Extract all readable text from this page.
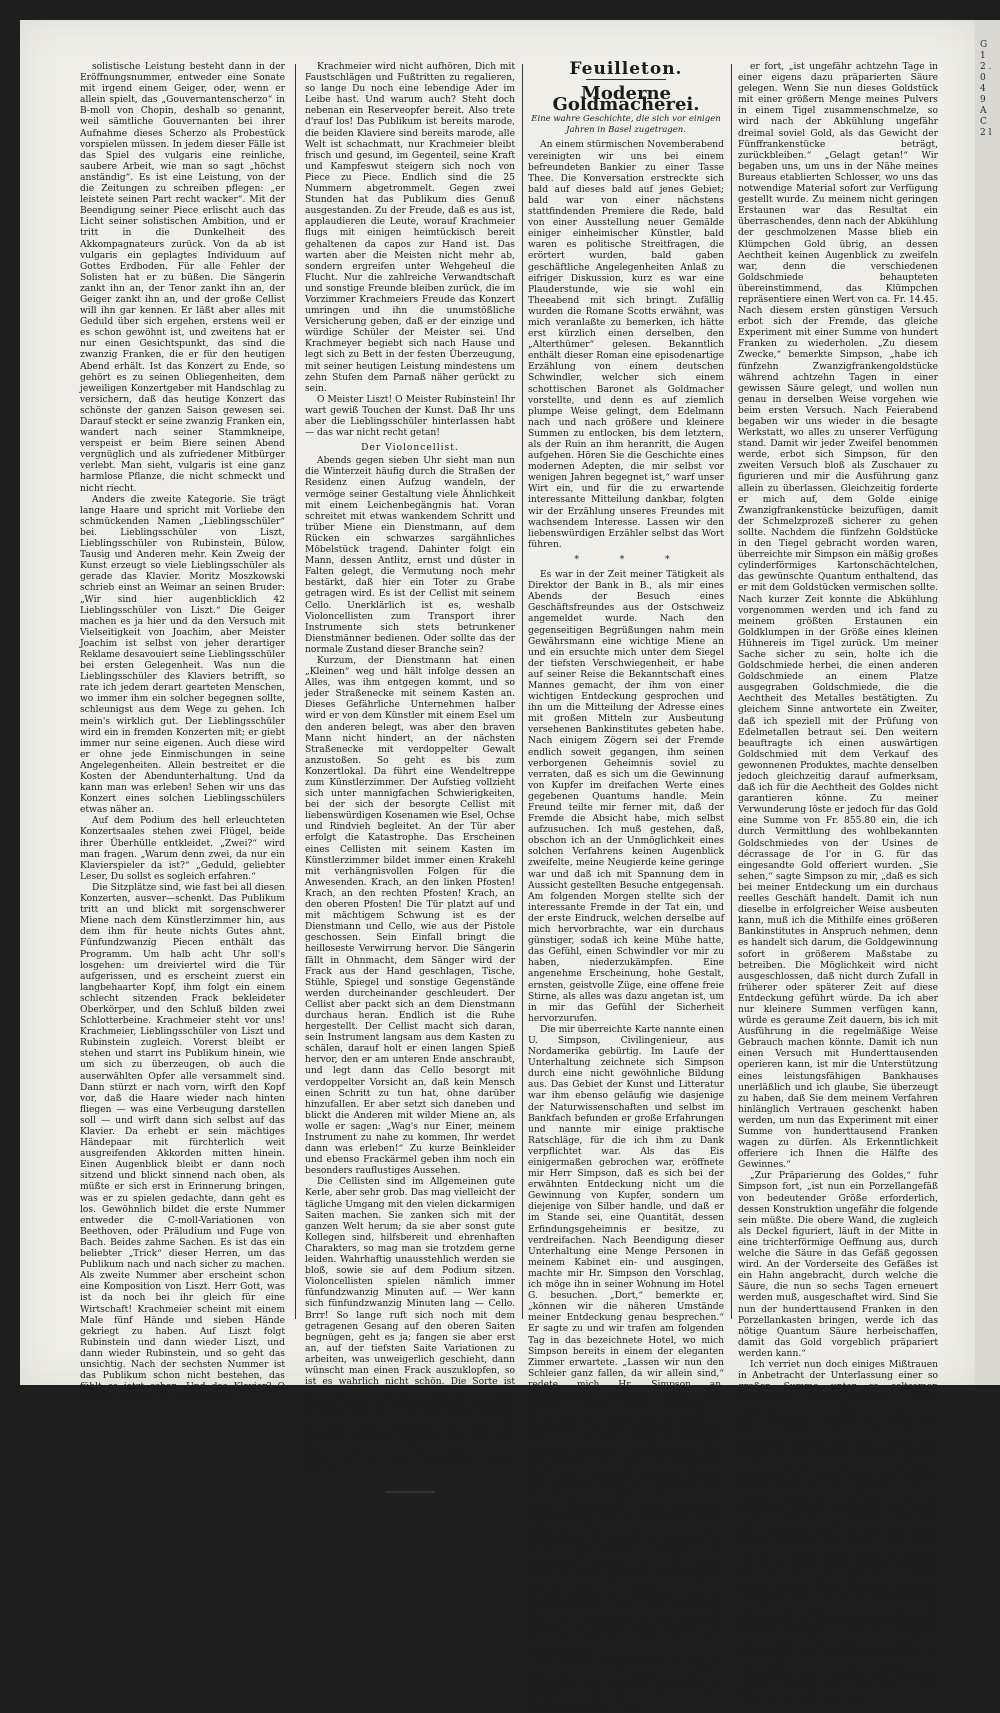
G 1 2 . 0 4 9 A C 2 l

solistische Leistung besteht dann in der Eröffnungsnummer, entweder eine Sonate mit irgend einem Geiger, oder, wenn er allein spielt, das „Gouvernantenscherzo“ in B-moll von Chopin, deshalb so genannt, weil sämtliche Gouvernanten bei ihrer Aufnahme dieses Scherzo als Probestück vorspielen müssen. In jedem dieser Fälle ist das Spiel des vulgaris eine reinliche, saubere Arbeit, wie man so sagt „höchst anständig“. Es ist eine Leistung, von der die Zeitungen zu schreiben pflegen: „er leistete seinen Part recht wacker“. Mit der Beendigung seiner Piece erlischt auch das Licht seiner solistischen Ambition, und er tritt in die Dunkelheit des Akkompagnateurs zurück. Von da ab ist vulgaris ein geplagtes Individuum auf Gottes Erdboden. Für alle Fehler der Solisten hat er zu büßen. Die Sängerin zankt ihn an, der Tenor zankt ihn an, der Geiger zankt ihn an, und der große Cellist will ihn gar kennen. Er läßt aber alles mit Geduld über sich ergehen, erstens weil er es schon gewöhnt ist, und zweitens hat er nur einen Gesichtspunkt, das sind die zwanzig Franken, die er für den heutigen Abend erhält. Ist das Konzert zu Ende, so gehört es zu seinen Obliegenheiten, dem jeweiligen Konzertgeber mit Handschlag zu versichern, daß das heutige Konzert das schönste der ganzen Saison gewesen sei. Darauf steckt er seine zwanzig Franken ein, wandert nach seiner Stammkneipe, verspeist er beim Biere seinen Abend vergnüglich und als zufriedener Mitbürger verlebt. Man sieht, vulgaris ist eine ganz harmlose Pflanze, die nicht schmeckt und nicht riecht.

Anders die zweite Kategorie. Sie trägt lange Haare und spricht mit Vorliebe den schmückenden Namen „Lieblingsschüler“ bei. Lieblingsschüler von Liszt, Lieblingsschüler von Rubinstein, Bülow, Tausig und Anderen mehr. Kein Zweig der Kunst erzeugt so viele Lieblingsschüler als gerade das Klavier. Moritz Moszkowski schrieb einst an Weimar an seinen Bruder: „Wir sind hier augenblicklich 42 Lieblingsschüler von Liszt.“ Die Geiger machen es ja hier und da den Versuch mit Vielseitigkeit von Joachim, aber Meister Joachim ist selbst von jeher derartiger Reklame desavouiert seine Lieblingsschüler bei ersten Gelegenheit. Was nun die Lieblingsschüler des Klaviers betrifft, so rate ich jedem derart gearteten Menschen, wo immer ihm ein solcher begegnen sollte, schleunigst aus dem Wege zu gehen. Ich mein's wirklich gut. Der Lieblingsschüler wird ein in fremden Konzerten mit; er giebt immer nur seine eigenen. Auch diese wird er ohne jede Einmischungen in seine Angelegenheiten. Allein bestreitet er die Kosten der Abendunterhaltung. Und da kann man was erleben! Sehen wir uns das Konzert eines solchen Lieblingsschülers etwas näher an.

Auf dem Podium des hell erleuchteten Konzertsaales stehen zwei Flügel, beide ihrer Überhülle entkleidet. „Zwei?“ wird man fragen. „Warum denn zwei, da nur ein Klavierspieler da ist?“ „Geduld, geliebter Leser, Du sollst es sogleich erfahren.“

Die Sitzplätze sind, wie fast bei all diesen Konzerten, ausver—schenkt. Das Publikum tritt an und blickt mit sorgenschwerer Miene nach dem Künstlerzimmer hin, aus dem ihm für heute nichts Gutes ahnt. Fünfundzwanzig Piecen enthält das Programm. Um halb acht Uhr soll's losgehen: um dreiviertel wird die Tür aufgerissen, und es erscheint zuerst ein langbehaarter Kopf, ihm folgt ein einem schlecht sitzenden Frack bekleideter Oberkörper, und den Schluß bilden zwei Schlotterbeine. Krachmeier steht vor uns! Krachmeier, Lieblingsschüler von Liszt und Rubinstein zugleich. Vorerst bleibt er stehen und starrt ins Publikum hinein, wie um sich zu überzeugen, ob auch die auserwählten Opfer alle versammelt sind. Dann stürzt er nach vorn, wirft den Kopf vor, daß die Haare wieder nach hinten fliegen — was eine Verbeugung darstellen soll — und wirft dann sich selbst auf das Klavier. Da erhebt er sein mächtiges Händepaar mit fürchterlich weit ausgreifenden Akkorden mitten hinein. Einen Augenblick bleibt er dann noch sitzend und blickt sinnend nach oben, als müßte er sich erst in Erinnerung bringen, was er zu spielen gedachte, dann geht es los. Gewöhnlich bildet die erste Nummer entweder die C-moll-Variationen von Beethoven, oder Präludium und Fuge von Bach. Beides zahme Sachen. Es ist das ein beliebter „Trick“ dieser Herren, um das Publikum nach und nach sicher zu machen. Als zweite Nummer aber erscheint schon eine Komposition von Liszt. Herr Gott, was ist da noch bei ihr gleich für eine Wirtschaft! Krachmeier scheint mit einem Male fünf Hände und sieben Hände gekriegt zu haben. Auf Liszt folgt Rubinstein und dann wieder Liszt, und dann wieder Rubinstein, und so geht das unsichtig. Nach der sechsten Nummer ist das Publikum schon nicht bestehen, das fühlt es jetzt schon. Und das Klavier? O Klavier, Klavier, Du mußt sterben!

Krachmeier wird nicht aufhören, Dich mit Faustschlägen und Fußtritten zu regalieren, so lange Du noch eine lebendige Ader im Leibe hast. Und warum auch? Steht doch nebenan ein Reserveopfer bereit. Also trete d'rauf los! Das Publikum ist bereits marode, die beiden Klaviere sind bereits marode, alle Welt ist schachmatt, nur Krachmeier bleibt frisch und gesund, im Gegenteil, seine Kraft und Kampfeswut steigern sich noch von Piece zu Piece. Endlich sind die 25 Nummern abgetrommelt. Gegen zwei Stunden hat das Publikum dies Genuß ausgestanden. Zu der Freude, daß es aus ist, applaudieren die Leute, worauf Krachmeier flugs mit einigen heimtückisch bereit gehaltenen da capos zur Hand ist. Das warten aber die Meisten nicht mehr ab, sondern ergreifen unter Wehgeheul die Flucht. Nur die zahlreiche Verwandtschaft und sonstige Freunde bleiben zurück, die im Vorzimmer Krachmeiers Freude das Konzert umringen und ihn die unumstößliche Versicherung geben, daß er der einzige und würdige Schüler der Meister sei. Und Krachmeyer begiebt sich nach Hause und legt sich zu Bett in der festen Überzeugung, mit seiner heutigen Leistung mindestens um zehn Stufen dem Parnaß näher gerückt zu sein.

O Meister Liszt! O Meister Rubinstein! Ihr wart gewiß Touchen der Kunst. Daß Ihr uns aber die Lieblingsschüler hinterlassen habt — das war nicht recht getan!

Der Violoncellist.

Abends gegen sieben Uhr sieht man nun die Winterzeit häufig durch die Straßen der Residenz einen Aufzug wandeln, der vermöge seiner Gestaltung viele Ähnlichkeit mit einem Leichenbegängnis hat. Voran schreitet mit etwas wankendem Schritt und trüber Miene ein Dienstmann, auf dem Rücken ein schwarzes sargähnliches Möbelstück tragend. Dahinter folgt ein Mann, dessen Antlitz, ernst und düster in Falten gelegt, die Vermutung noch mehr bestärkt, daß hier ein Toter zu Grabe getragen wird. Es ist der Cellist mit seinem Cello. Unerklärlich ist es, weshalb Violoncellisten zum Transport ihrer Instrumente sich stets betrunkener Dienstmänner bedienen. Oder sollte das der normale Zustand dieser Branche sein?

Kurzum, der Dienstmann hat einen „Kleinen“ weg und hält infolge dessen an Alles, was ihm entgegen kommt, und so jeder Straßenecke mit seinem Kasten an. Dieses Gefährliche Unternehmen halber wird er von dem Künstler mit einem Esel um den anderen belegt, was aber den braven Mann nicht hindert, an der nächsten Straßenecke mit verdoppelter Gewalt anzustoßen. So geht es bis zum Konzertlokal. Da führt eine Wendeltreppe zum Künstlerzimmer. Der Aufstieg vollzieht sich unter mannigfachen Schwierigkeiten, bei der sich der besorgte Cellist mit liebenswürdigen Kosenamen wie Esel, Ochse und Rindvieh begleitet. An der Tür aber erfolgt die Katastrophe. Das Erscheinen eines Cellisten mit seinem Kasten im Künstlerzimmer bildet immer einen Krakehl mit verhängnisvollen Folgen für die Anwesenden. Krach, an den linken Pfosten! Krach, an den rechten Pfosten! Krach, an den oberen Pfosten! Die Tür platzt auf und mit mächtigem Schwung ist es der Dienstmann und Cello, wie aus der Pistole geschossen. Sein Einfall bringt die heilloseste Verwirrung hervor. Die Sängerin fällt in Ohnmacht, dem Sänger wird der Frack aus der Hand geschlagen, Tische, Stühle, Spiegel und sonstige Gegenstände werden durcheinander geschleudert. Der Cellist aber packt sich an dem Dienstmann durchaus heran. Endlich ist die Ruhe hergestellt. Der Cellist macht sich daran, sein Instrument langsam aus dem Kasten zu schälen, darauf holt er einen langen Spieß hervor, den er am unteren Ende anschraubt, und legt dann das Cello besorgt mit verdoppelter Vorsicht an, daß kein Mensch einen Schritt zu tun hat, ohne darüber hinzufallen. Er aber setzt sich daneben und blickt die Anderen mit wilder Miene an, als wolle er sagen: „Wag's nur Einer, meinem Instrument zu nahe zu kommen, Ihr werdet dann was erleben!“ Zu kurze Beinkleider und ebenso Frackärmel geben ihm noch ein besonders rauflustiges Aussehen.

Die Cellisten sind im Allgemeinen gute Kerle, aber sehr grob. Das mag vielleicht der tägliche Umgang mit den vielen dickarmigen Saiten machen. Sie zanken sich mit der ganzen Welt herum; da sie aber sonst gute Kollegen sind, hilfsbereit und ehrenhaften Charakters, so mag man sie trotzdem gerne leiden. Wahrhaftig unausstehlich werden sie bloß, sowie sie auf dem Podium sitzen. Violoncellisten spielen nämlich immer fünfundzwanzig Minuten auf. — Wer kann sich fünfundzwanzig Minuten lang — Cello. Brrr! So lange ruft sich noch mit dem getragenen Gesang auf den oberen Saiten begnügen, geht es ja; fangen sie aber erst an, auf der tiefsten Saite Variationen zu arbeiten, was unweigerlich geschieht, dann wünscht man einen Frack auszuklopfen, so ist es wahrlich nicht schön. Die Sorte ist auch recht kurzsichtig. Zu jedem Ende jede Zugabe, aber es ist sich wird mit Trampeln zu Ende, und hat er erst mit seinem Vortrag zu Ende, dann bemerken die Leute mit plötzlich Kumpan, arbeiten sich aus dem Kasten. Das sind wirklich nette Kerle. — Wenn sie nur das Cellospielen lassen wollten!

Feuilleton.
Moderne Goldmacherei.
Eine wahre Geschichte, die sich vor einigen Jahren in Basel zugetragen.

An einem stürmischen Novemberabend vereinigten wir uns bei einem befreundeten Bankier zu einer Tasse Thee. Die Konversation erstreckte sich bald auf dieses bald auf jenes Gebiet; bald war von einer nächstens stattfindenden Premiere die Rede, bald von einer Ausstellung neuer Gemälde einiger einheimischer Künstler, bald waren es politische Streitfragen, die erörtert wurden, bald gaben geschäftliche Angelegenheiten Anlaß zu eifriger Diskussion, kurz es war eine Plauderstunde, wie sie wohl ein Theeabend mit sich bringt. Zufällig wurden die Romane Scotts erwähnt, was mich veranlaßte zu bemerken, ich hätte erst kürzlich einen derselben, den „Alterthümer“ gelesen. Bekanntlich enthält dieser Roman eine episodenartige Erzählung von einem deutschen Schwindler, welcher sich einem schottischen Baronet als Goldmacher vorstellte, und denn es auf ziemlich plumpe Weise gelingt, dem Edelmann nach und nach größere und kleinere Summen zu entlocken, bis dem letztern, als der Ruin an ihm heranritt, die Augen aufgehen. Hören Sie die Geschichte eines modernen Adepten, die mir selbst vor wenigen Jahren begegnet ist,“ warf unser Wirt ein, und für die zu erwartende interessante Mitteilung dankbar, folgten wir der Erzählung unseres Freundes mit wachsendem Interesse. Lassen wir den liebenswürdigen Erzähler selbst das Wort führen.

*   *   *

Es war in der Zeit meiner Tätigkeit als Direktor der Bank in B., als mir eines Abends der Besuch eines Geschäftsfreundes aus der Ostschweiz angemeldet wurde. Nach den gegenseitigen Begrüßungen nahm mein Gewährsmann eine wichtige Miene an und ein ersuchte mich unter dem Siegel der tiefsten Verschwiegenheit, er habe auf seiner Reise die Bekanntschaft eines Mannes gemacht, der ihm von einer wichtigen Entdeckung gesprochen und ihn um die Mitteilung der Adresse eines mit großen Mitteln zur Ausbeutung versehenen Bankinstitutes gebeten habe. Nach einigem Zögern sei der Fremde endlich soweit gegangen, ihm seinen verborgenen Geheimnis soviel zu verraten, daß es sich um die Gewinnung von Kupfer im dreifachen Werte eines gegebenen Quantums handle. Mein Freund teilte mir ferner mit, daß der Fremde die Absicht habe, mich selbst aufzusuchen. Ich muß gestehen, daß, obschon ich an der Unmöglichkeit eines solchen Verfahrens keinen Augenblick zweifelte, meine Neugierde keine geringe war und daß ich mit Spannung dem in Aussicht gestellten Besuche entgegensah. Am folgenden Morgen stellte sich der interessante Fremde in der Tat ein, und der erste Eindruck, welchen derselbe auf mich hervorbrachte, war ein durchaus günstiger, sodaß ich keine Mühe hatte, das Gefühl, einen Schwindler vor mir zu haben, niederzukämpfen. Eine angenehme Erscheinung, hohe Gestalt, ernsten, geistvolle Züge, eine offene freie Stirne, als alles was dazu angetan ist, um in mir das Gefühl der Sicherheit hervorzurufen.

Die mir überreichte Karte nannte einen U. Simpson, Civilingenieur, aus Nordamerika gebürtig. Im Laufe der Unterhaltung zeichnete sich Simpson durch eine nicht gewöhnliche Bildung aus. Das Gebiet der Kunst und Litteratur war ihm ebenso geläufig wie dasjenige der Naturwissenschaften und selbst im Bankfach befunden er große Erfahrungen und nannte mir einige praktische Ratschläge, für die ich ihm zu Dank verpflichtet war. Als das Eis einigermaßen gebrochen war, eröffnete mir Herr Simpson, daß es sich bei der erwähnten Entdeckung nicht um die Gewinnung von Kupfer, sondern um diejenige von Silber handle, und daß er im Stande sei, eine Quantität, dessen Erfindungsgeheimnis er besitze, zu verdreifachen. Nach Beendigung dieser Unterhaltung eine Menge Personen in meinem Kabinet ein- und ausgingen, machte mir Hr. Simpson den Vorschlag, ich möge ihn in seiner Wohnung im Hotel G. besuchen. „Dort,“ bemerkte er, „können wir die näheren Umstände meiner Entdeckung genau besprechen.“ Er sagte zu und wir trafen am folgenden Tag in das bezeichnete Hotel, wo mich Simpson bereits in einem der eleganten Zimmer erwartete. „Lassen wir nun den Schleier ganz fallen, da wir allein sind,“ redete mich Hr. Simpson an. „Verschiedene Bedenken haben mich bewogen, Ihnen meine Erfindung in ihrem ganzen Umfang erst an einem Ort mitzuteilen, wo wir durchaus ungestört sind. Ich habe durch Zufall ein Verfahren entdeckt, das mich in die Lage setzt, Gold herzustellen und zwar im dreifachen Werte einer Quantität desselben Metalls. Von meinem Vater, der Chemiker war, erwarb ich mannigfache Kenntnisse in dieser Wissenschaft, unter zahlreichen Experimenten, die ich ausführte, führte eines derselben zu einer merkwürdigen Entdeckung. Es gelang mir nämlich, ein Pulver darzustellen, welches die Eigenschaft besitzt, sich mit echtem Golde in einem Quantum reinen Goldes, das man dem vorher präparierten Pulver in der Weise zu vereinigen, daß es zurückbleibende Gold den dreifachen Wert des beigefügten Goldes ausmacht. Machen wir selbst einen Versuch, der Ihnen die Wahrheit meiner Behauptung beweisen soll.“

Mit diesen Worten öffnete er ein mit gelblichgrüner Flüssigkeit gefülltes Fläschchen und entnahm demselben ein Goldstück von fünf Franken. „Dieses Fünffrankenstück,“ fuhr

er fort, „ist ungefähr achtzehn Tage in einer eigens dazu präparierten Säure gelegen. Wenn Sie nun dieses Goldstück mit einer größern Menge meines Pulvers in einem Tigel zusammenschmelze, so wird nach der Abkühlung ungefähr dreimal soviel Gold, als das Gewicht der Fünffrankenstücke beträgt, zurückbleiben.“ „Gelagt getan!“ Wir begaben uns, um uns in der Nähe meines Bureaus etablierten Schlosser, wo uns das notwendige Material sofort zur Verfügung gestellt wurde. Zu meinem nicht geringen Erstaunen war das Resultat ein überraschendes, denn nach der Abkühlung der geschmolzenen Masse blieb ein Klümpchen Gold übrig, an dessen Aechtheit keinen Augenblick zu zweifeln war, denn die verschiedenen Goldschmiede behaupteten übereinstimmend, das Klümpchen repräsentiere einen Wert von ca. Fr. 14.45. Nach diesem ersten günstigen Versuch erbot sich der Fremde, das gleiche Experiment mit einer Summe von hundert Franken zu wiederholen. „Zu diesem Zwecke,“ bemerkte Simpson, „habe ich fünfzehn Zwanzigfrankengoldstücke während achtzehn Tagen in einer gewissen Säure gelegt, und wollen nun genau in derselben Weise vorgehen wie beim ersten Versuch. Nach Feierabend begaben wir uns wieder in die besagte Werkstatt, wo alles zu unserer Verfügung stand. Damit wir jeder Zweifel benommen werde, erbot sich Simpson, für den zweiten Versuch bloß als Zuschauer zu figurieren und mir die Ausführung ganz allein zu überlassen. Gleichzeitig forderte er mich auf, dem Golde einige Zwanzigfrankenstücke beizufügen, damit der Schmelzprozeß sicherer zu gehen sollte. Nachdem die fünfzehn Goldstücke in den Tiegel gebracht worden waren, überreichte mir Simpson ein mäßig großes cylinderförmiges Kartonschächtelchen, das gewünschte Quantum enthaltend, das er mit dem Goldstücken vermischen sollte. Nach kurzer Zeit konnte die Abkühlung vorgenommen werden und ich fand zu meinem größten Erstaunen ein Goldklumpen in der Größe eines kleinen Hühnereis im Tigel zurück. Um meiner Sache sicher zu sein, holte ich die Goldschmiede herbei, die einen anderen Goldschmiede an einem Platze ausgegraben Goldschmiede, die die Aechtheit des Metalles bestätigten. Zu gleichem Sinne antwortete ein Zweiter, daß ich speziell mit der Prüfung von Edelmetallen betraut sei. Den weitern beauftragte ich einen auswärtigen Goldschmied mit dem Verkauf des gewonnenen Produktes, machte denselben jedoch gleichzeitig darauf aufmerksam, daß ich für die Aechtheit des Goldes nicht garantieren könne. Zu meiner Verwunderung löste er jedoch für das Gold eine Summe von Fr. 855.80 ein, die ich durch Vermittlung des wohlbekannten Goldschmiedes von der Usines de décrassage de l'or in G. für das eingesandte Gold offeriert wurden. „Sie sehen,“ sagte Simpson zu mir, „daß es sich bei meiner Entdeckung um ein durchaus reelles Geschäft handelt. Damit ich nun dieselbe in erfolgreicher Weise ausbeuten kann, muß ich die Mithilfe eines größeren Bankinstitutes in Anspruch nehmen, denn es handelt sich darum, die Goldgewinnung sofort in größerem Maßstabe zu betreiben. Die Möglichkeit wird nicht ausgeschlossen, daß nicht durch Zufall in früherer oder späterer Zeit auf diese Entdeckung geführt würde. Da ich aber nur kleinere Summen verfügen kann, würde es geraume Zeit dauern, bis ich mit Ausführung in die regelmäßige Weise Gebrauch machen könnte. Damit ich nun einen Versuch mit Hunderttausenden operieren kann, ist mir die Unterstützung eines leistungsfähigen Bankhauses unerläßlich und ich glaube, Sie überzeugt zu haben, daß Sie dem meinem Verfahren hinlänglich Vertrauen geschenkt haben werden, um nun das Experiment mit einer Summe von hunderttausend Franken wagen zu dürfen. Als Erkenntlichkeit offeriere ich Ihnen die Hälfte des Gewinnes.“

„Zur Präparierung des Goldes,“ fuhr Simpson fort, „ist nun ein Porzellangefäß von bedeutender Größe erforderlich, dessen Konstruktion ungefähr die folgende sein müßte. Die obere Wand, die zugleich als Deckel figuriert, läuft in der Mitte in eine trichterförmige Oeffnung aus, durch welche die Säure in das Gefäß gegossen wird. An der Vorderseite des Gefäßes ist ein Hahn angebracht, durch welche die Säure, die nun so sechs Tagen erneuert werden muß, ausgeschaftet wird. Sind Sie nun der hunderttausend Franken in den Porzellankasten bringen, werde ich das nötige Quantum Säure herbeischaffen, damit das Gold vorgeblich präpariert werden kann.“

Ich verriet nun doch einiges Mißtrauen in Anbetracht der Unterlassung einer so großen Summe unter so seltsamen Umständen. Allein Simpson suchte dasselbe zu beschwichtigen, indem er mir den Vorschlag machte, jo sollte das Porzellangefäß durch einen Kasten geborgen werden, und unter Schloß und Siegel in das einzige Bureaus gestellt werden, für die Aufbewahrung des Inhalts zu sorgen. Er selbst werde das Zimmer, dessen Wahl er mir überlasse, nur in meiner Gegenwart betreten, um die aufgefüllte Säure abgelassen und durch neue zu ersetzen. So wahrscheinlich dies alle Einwände, daß ich mit ihm einig wurde, obgleich ich selbst nicht ohne Verdacht, einem gefährlichen Schwindler vor mir zu haben, einen der um unerhörte Bekanntschaft hatte. Auf welche Weise konnte mir die Gefahr für mein Eigentum vorhanden sein, da ich ja beständig auf das Zimmer passen, so ist es mir nicht möglich sei, auf ein Ansuchen einzutreten. Zugleich bedingte ich mir die Rückgabe der ersten Säure aus, um mich zu überzeugen, daß das ausgelegte Gold ein Laufendstück bleibt, ohne andererseits Verwirrung und endlich war Simpson spurlos verschwunden und war in der Folge nichts mehr von ihm.
